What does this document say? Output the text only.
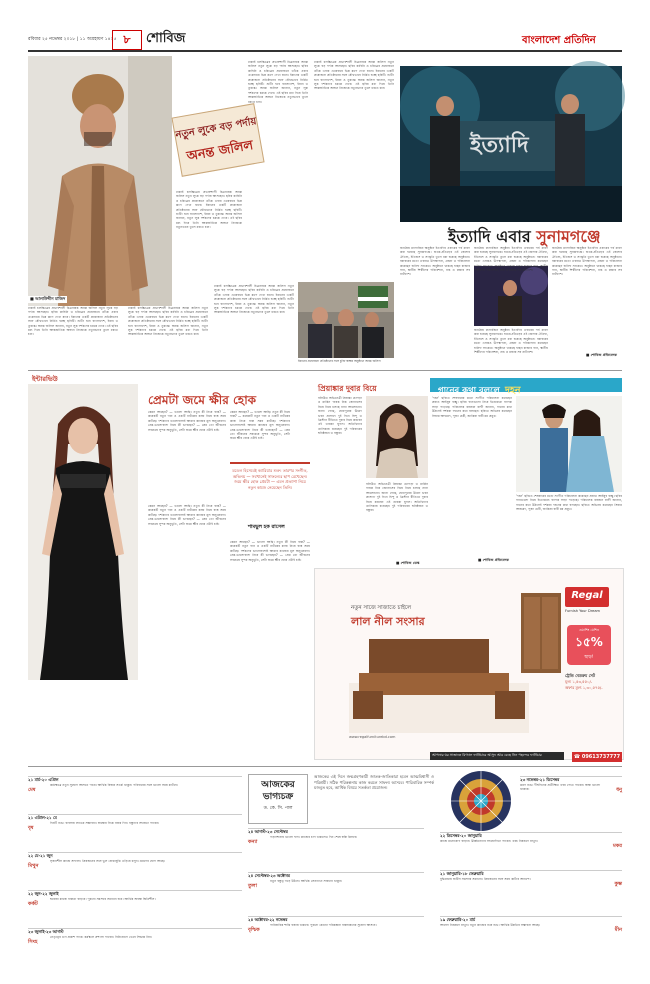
রবিবার ২৫ নভেম্বর ২০১৮ | ১১ অগ্রহায়ণ ১৪২৫ ৮	শোবিজ	বাংলাদেশ প্রতিদিন
■ আলাউদ্দীন মাজিদ
নতুন লুকে বড় পর্দায়
অনন্ত জলিল
ঢাকাই চলচ্চিত্রের প্রভাবশালী চিত্রনায়ক অনন্ত জলিল নতুন লুকে বড় পর্দায় আসছেন। ছবির কাহিনি ও চরিত্রের প্রয়োজনে তাঁকে এবার একেবারে ভিন্ন রূপে দেখা যাবে। ইরানের একটি প্রযোজনা প্রতিষ্ঠানের সঙ্গে যৌথভাবে নির্মিত হচ্ছে ছবিটি। শুটিং হবে বাংলাদেশ, ইরান ও তুরস্কে। অনন্ত জলিল জানান, নতুন লুক দর্শকদের চমকে দেবে। এই ছবির মধ্য দিয়ে তিনি আন্তর্জাতিক অঙ্গনে নিজেকে নতুনভাবে তুলে ধরতে চান।
ঢাকাই চলচ্চিত্রের প্রভাবশালী চিত্রনায়ক অনন্ত জলিল নতুন লুকে বড় পর্দায় আসছেন। ছবির কাহিনি ও চরিত্রের প্রয়োজনে তাঁকে এবার একেবারে ভিন্ন রূপে দেখা যাবে। ইরানের একটি প্রযোজনা প্রতিষ্ঠানের সঙ্গে যৌথভাবে নির্মিত হচ্ছে ছবিটি। শুটিং হবে বাংলাদেশ, ইরান ও তুরস্কে। অনন্ত জলিল জানান, নতুন লুক দর্শকদের চমকে দেবে। এই ছবির মধ্য দিয়ে তিনি আন্তর্জাতিক অঙ্গনে নিজেকে নতুনভাবে তুলে ধরতে চান।
ঢাকাই চলচ্চিত্রের প্রভাবশালী চিত্রনায়ক অনন্ত জলিল নতুন লুকে বড় পর্দায় আসছেন। ছবির কাহিনি ও চরিত্রের প্রয়োজনে তাঁকে এবার একেবারে ভিন্ন রূপে দেখা যাবে। ইরানের একটি প্রযোজনা প্রতিষ্ঠানের সঙ্গে যৌথভাবে নির্মিত হচ্ছে ছবিটি। শুটিং হবে বাংলাদেশ, ইরান ও তুরস্কে। অনন্ত জলিল জানান, নতুন লুক দর্শকদের চমকে দেবে। এই ছবির মধ্য দিয়ে তিনি আন্তর্জাতিক অঙ্গনে নিজেকে নতুনভাবে তুলে ধরতে চান।
ঢাকাই চলচ্চিত্রের প্রভাবশালী চিত্রনায়ক অনন্ত জলিল নতুন লুকে বড় পর্দায় আসছেন। ছবির কাহিনি ও চরিত্রের প্রয়োজনে তাঁকে এবার একেবারে ভিন্ন রূপে দেখা যাবে। ইরানের একটি প্রযোজনা প্রতিষ্ঠানের সঙ্গে যৌথভাবে নির্মিত হচ্ছে ছবিটি। শুটিং হবে বাংলাদেশ, ইরান ও তুরস্কে। অনন্ত জলিল জানান, নতুন লুক দর্শকদের চমকে দেবে। এই ছবির মধ্য দিয়ে তিনি আন্তর্জাতিক অঙ্গনে নিজেকে নতুনভাবে তুলে ধরতে চান।
ঢাকাই চলচ্চিত্রের প্রভাবশালী চিত্রনায়ক অনন্ত জলিল নতুন লুকে বড় পর্দায় আসছেন। ছবির কাহিনি ও চরিত্রের প্রয়োজনে তাঁকে এবার একেবারে ভিন্ন রূপে দেখা যাবে। ইরানের একটি প্রযোজনা প্রতিষ্ঠানের সঙ্গে যৌথভাবে নির্মিত হচ্ছে ছবিটি। শুটিং হবে বাংলাদেশ, ইরান ও তুরস্কে। অনন্ত জলিল জানান, নতুন লুক দর্শকদের চমকে দেবে। এই ছবির মধ্য দিয়ে তিনি আন্তর্জাতিক অঙ্গনে নিজেকে নতুনভাবে তুলে ধরতে চান।
ঢাকাই চলচ্চিত্রের প্রভাবশালী চিত্রনায়ক অনন্ত জলিল নতুন লুকে বড় পর্দায় আসছেন। ছবির কাহিনি ও চরিত্রের প্রয়োজনে তাঁকে এবার একেবারে ভিন্ন রূপে দেখা যাবে। ইরানের একটি প্রযোজনা প্রতিষ্ঠানের সঙ্গে যৌথভাবে নির্মিত হচ্ছে ছবিটি। শুটিং হবে বাংলাদেশ, ইরান ও তুরস্কে। অনন্ত জলিল জানান, নতুন লুক দর্শকদের চমকে দেবে। এই ছবির মধ্য দিয়ে তিনি আন্তর্জাতিক অঙ্গনে নিজেকে নতুনভাবে তুলে ধরতে চান।
ইরানের প্রযোজনা প্রতিষ্ঠানের সঙ্গে চুক্তি স্বাক্ষর অনুষ্ঠানে অনন্ত জলিল
ইত্যাদি
ইত্যাদি এবার সুনামগঞ্জে
জনপ্রিয় ম্যাগাজিন অনুষ্ঠান ইত্যাদির এবারের পর্ব ধারণ করা হয়েছে সুনামগঞ্জে। হাওর-বাঁওড়ের এই জেলার ঐতিহ্য, ইতিহাস ও সংস্কৃতি তুলে ধরা হয়েছে অনুষ্ঠানে। বরাবরের মতো এবারও উপস্থাপনা, গ্রন্থনা ও পরিচালনা করেছেন হানিফ সংকেত। অনুষ্ঠানে থাকছে হাছন রাজার গান, স্থানীয় শিল্পীদের পরিবেশনা, নাচ ও মজার সব নাট্যাংশ।
জনপ্রিয় ম্যাগাজিন অনুষ্ঠান ইত্যাদির এবারের পর্ব ধারণ করা হয়েছে সুনামগঞ্জে। হাওর-বাঁওড়ের এই জেলার ঐতিহ্য, ইতিহাস ও সংস্কৃতি তুলে ধরা হয়েছে অনুষ্ঠানে। বরাবরের মতো এবারও উপস্থাপনা, গ্রন্থনা ও পরিচালনা করেছেন হানিফ সংকেত। অনুষ্ঠানে থাকছে হাছন রাজার গান, স্থানীয় শিল্পীদের পরিবেশনা, নাচ ও মজার সব নাট্যাংশ।
জনপ্রিয় ম্যাগাজিন অনুষ্ঠান ইত্যাদির এবারের পর্ব ধারণ করা হয়েছে সুনামগঞ্জে। হাওর-বাঁওড়ের এই জেলার ঐতিহ্য, ইতিহাস ও সংস্কৃতি তুলে ধরা হয়েছে অনুষ্ঠানে। বরাবরের মতো এবারও উপস্থাপনা, গ্রন্থনা ও পরিচালনা করেছেন হানিফ সংকেত। অনুষ্ঠানে থাকছে হাছন রাজার গান, স্থানীয় শিল্পীদের পরিবেশনা, নাচ ও মজার সব নাট্যাংশ।
জনপ্রিয় ম্যাগাজিন অনুষ্ঠান ইত্যাদির এবারের পর্ব ধারণ করা হয়েছে সুনামগঞ্জে। হাওর-বাঁওড়ের এই জেলার ঐতিহ্য, ইতিহাস ও সংস্কৃতি তুলে ধরা হয়েছে অনুষ্ঠানে। বরাবরের মতো এবারও উপস্থাপনা, গ্রন্থনা ও পরিচালনা করেছেন হানিফ সংকেত। অনুষ্ঠানে থাকছে হাছন রাজার গান, স্থানীয় শিল্পীদের পরিবেশনা, নাচ ও মজার সব নাট্যাংশ।
■ শোবিজ প্রতিবেদক
ইন্টারভিউ
প্রেমটা জমে ক্ষীর হোক
কেমন আছেন? — ভালো আছি। নতুন কী নিয়ে ব্যস্ত? — কয়েকটি নতুন গান ও একটি নাটকের কাজ নিয়ে ব্যস্ত সময় কাটছে। দর্শকদের ভালোবাসাই আমার কাজের মূল অনুপ্রেরণা। প্রেম-ভালোবাসা নিয়ে কী ভাবছেন? — প্রেম তো জীবনের সবচেয়ে সুন্দর অনুভূতি, সেটা জমে ক্ষীর হোক এটাই চাই।
কেমন আছেন? — ভালো আছি। নতুন কী নিয়ে ব্যস্ত? — কয়েকটি নতুন গান ও একটি নাটকের কাজ নিয়ে ব্যস্ত সময় কাটছে। দর্শকদের ভালোবাসাই আমার কাজের মূল অনুপ্রেরণা। প্রেম-ভালোবাসা নিয়ে কী ভাবছেন? — প্রেম তো জীবনের সবচেয়ে সুন্দর অনুভূতি, সেটা জমে ক্ষীর হোক এটাই চাই।
মডেল হিসেবেই ক্যারিয়ার শুরু। তারপর সংগীত, অভিনয় — সবখানেই সাফল্যের ছাপ রেখেছেন। জমে ক্ষীর হোক প্রেমটা — এমন প্রত্যাশা নিয়ে নতুন কাজে নেমেছেন তিনি।
শামছুল হক রাসেল
কেমন আছেন? — ভালো আছি। নতুন কী নিয়ে ব্যস্ত? — কয়েকটি নতুন গান ও একটি নাটকের কাজ নিয়ে ব্যস্ত সময় কাটছে। দর্শকদের ভালোবাসাই আমার কাজের মূল অনুপ্রেরণা। প্রেম-ভালোবাসা নিয়ে কী ভাবছেন? — প্রেম তো জীবনের সবচেয়ে সুন্দর অনুভূতি, সেটা জমে ক্ষীর হোক এটাই চাই।
কেমন আছেন? — ভালো আছি। নতুন কী নিয়ে ব্যস্ত? — কয়েকটি নতুন গান ও একটি নাটকের কাজ নিয়ে ব্যস্ত সময় কাটছে। দর্শকদের ভালোবাসাই আমার কাজের মূল অনুপ্রেরণা। প্রেম-ভালোবাসা নিয়ে কী ভাবছেন? — প্রেম তো জীবনের সবচেয়ে সুন্দর অনুভূতি, সেটা জমে ক্ষীর হোক এটাই চাই।
প্রিয়াঙ্কার দুবার বিয়ে
বলিউড অভিনেত্রী প্রিয়াঙ্কা চোপড়া ও মার্কিন গায়ক নিক জোনাসের বিয়ে নিয়ে চলছে নানা আলোচনা। জানা গেছে, যোধপুরের উমেদ ভবন প্রাসাদে দুই দিনে হিন্দু ও খ্রিস্টান রীতিতে দুবার বিয়ে করবেন এই তারকা যুগল। অতিথিদের তালিকায় রয়েছেন দুই পরিবারের ঘনিষ্ঠজন ও বন্ধুরা।
বলিউড অভিনেত্রী প্রিয়াঙ্কা চোপড়া ও মার্কিন গায়ক নিক জোনাসের বিয়ে নিয়ে চলছে নানা আলোচনা। জানা গেছে, যোধপুরের উমেদ ভবন প্রাসাদে দুই দিনে হিন্দু ও খ্রিস্টান রীতিতে দুবার বিয়ে করবেন এই তারকা যুগল। অতিথিদের তালিকায় রয়েছেন দুই পরিবারের ঘনিষ্ঠজন ও বন্ধুরা।
■ শোবিজ ডেস্ক
গানের কথা বললে দহন
‘দহন’ ছবিতে শেষবারের মতো সংগীত পরিচালনা করেছেন প্রয়াত আইয়ুব বাচ্চু। ছবির গানগুলো নিয়ে ইতোমধ্যে ব্যাপক সাড়া পড়েছে। পরিচালক রায়হান রাফী জানান, গানের কথা উঠলেই দর্শকরা দহনের কথা বলছেন। ছবিতে অভিনয় করেছেন সিয়াম আহমেদ, পূজা চেরী, জাকিয়া বারী মম প্রমুখ।
‘দহন’ ছবিতে শেষবারের মতো সংগীত পরিচালনা করেছেন প্রয়াত আইয়ুব বাচ্চু। ছবির গানগুলো নিয়ে ইতোমধ্যে ব্যাপক সাড়া পড়েছে। পরিচালক রায়হান রাফী জানান, গানের কথা উঠলেই দর্শকরা দহনের কথা বলছেন। ছবিতে অভিনয় করেছেন সিয়াম আহমেদ, পূজা চেরী, জাকিয়া বারী মম প্রমুখ।
■ শোবিজ প্রতিবেদক
নতুন সাজে সাজাতে চাইলে
লাল নীল সংসার
www.regalfurniturebd.com
Regal
Furnish Your Dream
ওয়াশিং মেশিন
১৫%
ছাড়!
ট্রেন্ডি বেডরুম সেট
মূল্য ১,৫৩,৫৫০/-
অফার মূল্য ১,৩০,৫৭৫/-
আপনার ঘর সাজাতে রিগ্যাল ফার্নিচারে আসুন আর বেছে নিন পছন্দের ফার্নিচার	☎ 09613737777
আজকের ভাগ্যচক্র
ড. কে. সি. পাল
আজকের এই দিনে জন্মগ্রহণকারী জাতক-জাতিকারা হবেন আত্মবিশ্বাসী ও পরিশ্রমী। সঠিক পরিকল্পনায় কাজ করলে সাফল্য আসবে। পারিবারিক সম্পর্ক মজবুত হবে, আর্থিক বিষয়ে সতর্কতা প্রয়োজন।
২১ মার্চ-২০ এপ্রিল
মেষ
কর্মক্ষেত্রে নতুন সুযোগ আসতে পারে। আর্থিক বিষয়ে সতর্ক থাকুন। পরিবারের সঙ্গে ভালো সময় কাটবে।
২১ এপ্রিল-২১ মে
বৃষ
দিনটি শুভ। ব্যবসায় লাভের সম্ভাবনা। স্বাস্থ্যের দিকে নজর দিন। বন্ধুদের সহায়তা পাবেন।
২২ মে-২১ জুন
মিথুন
সৃজনশীল কাজে সাফল্য। প্রিয়জনের সঙ্গে ভুল বোঝাবুঝি এড়িয়ে চলুন। ভ্রমণের যোগ আছে।
২২ জুন-২২ জুলাই
কর্কট
ঘরোয়া কাজে ব্যস্ততা বাড়বে। পুরনো সমস্যার সমাধান হবে। আর্থিক অবস্থা স্থিতিশীল।
২৩ জুলাই-২৩ আগস্ট
সিংহ
নেতৃত্বের গুণ প্রকাশ পাবে। কর্মস্থলে প্রশংসা পাবেন। বিনিয়োগে ভেবে সিদ্ধান্ত নিন।
২৪ আগস্ট-২৩ সেপ্টেম্বর
কন্যা
পড়াশোনায় ভালো ফল। কাজের চাপ থাকলেও দিন শেষে স্বস্তি মিলবে।
২৪ সেপ্টেম্বর-২৩ অক্টোবর
তুলা
নতুন বন্ধুত্ব গড়ে উঠবে। আর্থিক লেনদেনে সাবধান থাকুন।
২৪ অক্টোবর-২২ নভেম্বর
বৃশ্চিক
পারিবারিক শান্তি বজায় থাকবে। পুরনো কোনো পরিকল্পনা বাস্তবায়নের সুযোগ আসবে।
২৩ নভেম্বর-২১ ডিসেম্বর
ধনু
ভ্রমণ শুভ। দীর্ঘদিনের প্রতীক্ষিত খবর পেতে পারেন। স্বাস্থ্য ভালো থাকবে।
২২ ডিসেম্বর-২০ জানুয়ারি
মকর
কাজে মনোযোগ বাড়ান। ঊর্ধ্বতনদের সহযোগিতা পাবেন। খরচ নিয়ন্ত্রণে রাখুন।
২১ জানুয়ারি-১৮ ফেব্রুয়ারি
কুম্ভ
বুদ্ধিমত্তায় জটিল সমস্যার সমাধান। প্রিয়জনের সঙ্গে সময় কাটবে আনন্দে।
১৯ ফেব্রুয়ারি-২০ মার্চ
মীন
আবেগ নিয়ন্ত্রণে রাখুন। নতুন কাজের শুরু শুভ। আর্থিক উন্নতির সম্ভাবনা আছে।
